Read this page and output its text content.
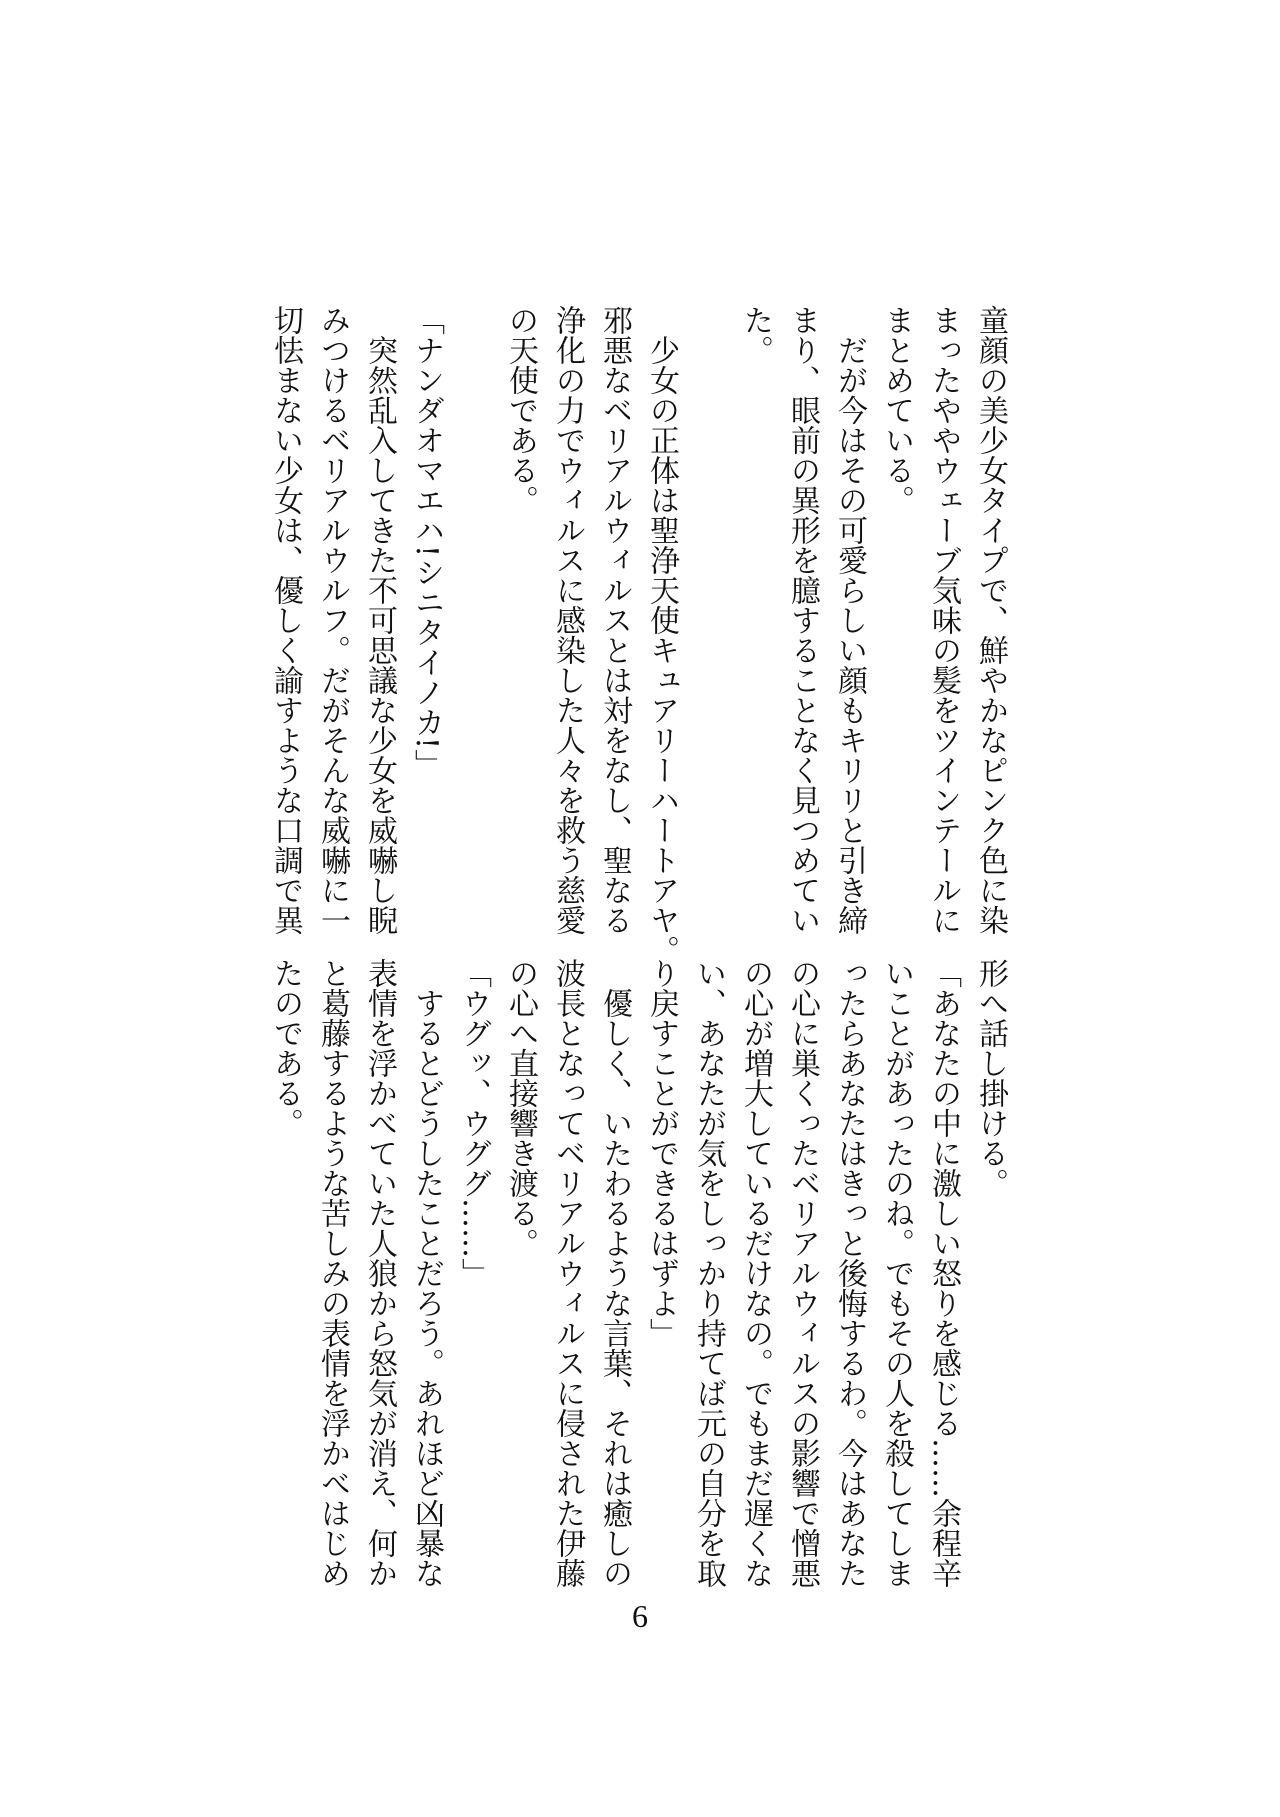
童顔の美少女タイプで、鮮やかなピンク色に染
まったややウェーブ気味の髪をツインテールに
まとめている。
　だが今はその可愛らしい顔もキリリと引き締
まり、眼前の異形を臆することなく見つめてい
た。

　少女の正体は聖浄天使キュアリーハートアヤ。
邪悪なベリアルウィルスとは対をなし、聖なる
浄化の力でウィルスに感染した人々を救う慈愛
の天使である。

「ナンダオマエハ!シニタイノカ!」
　突然乱入してきた不可思議な少女を威嚇し睨
みつけるベリアルウルフ。だがそんな威嚇に一
切怯まない少女は、優しく諭すような口調で異
形へ話し掛ける。
「あなたの中に激しい怒りを感じる……余程辛
いことがあったのね。でもその人を殺してしま
ったらあなたはきっと後悔するわ。今はあなた
の心に巣くったベリアルウィルスの影響で憎悪
の心が増大しているだけなの。でもまだ遅くな
い、あなたが気をしっかり持てば元の自分を取
り戻すことができるはずよ」
　優しく、いたわるような言葉、それは癒しの
波長となってベリアルウィルスに侵された伊藤
の心へ直接響き渡る。
「ウグッ、ウググ……」
　するとどうしたことだろう。あれほど凶暴な
表情を浮かべていた人狼から怒気が消え、何か
と葛藤するような苦しみの表情を浮かべはじめ
たのである。
6
